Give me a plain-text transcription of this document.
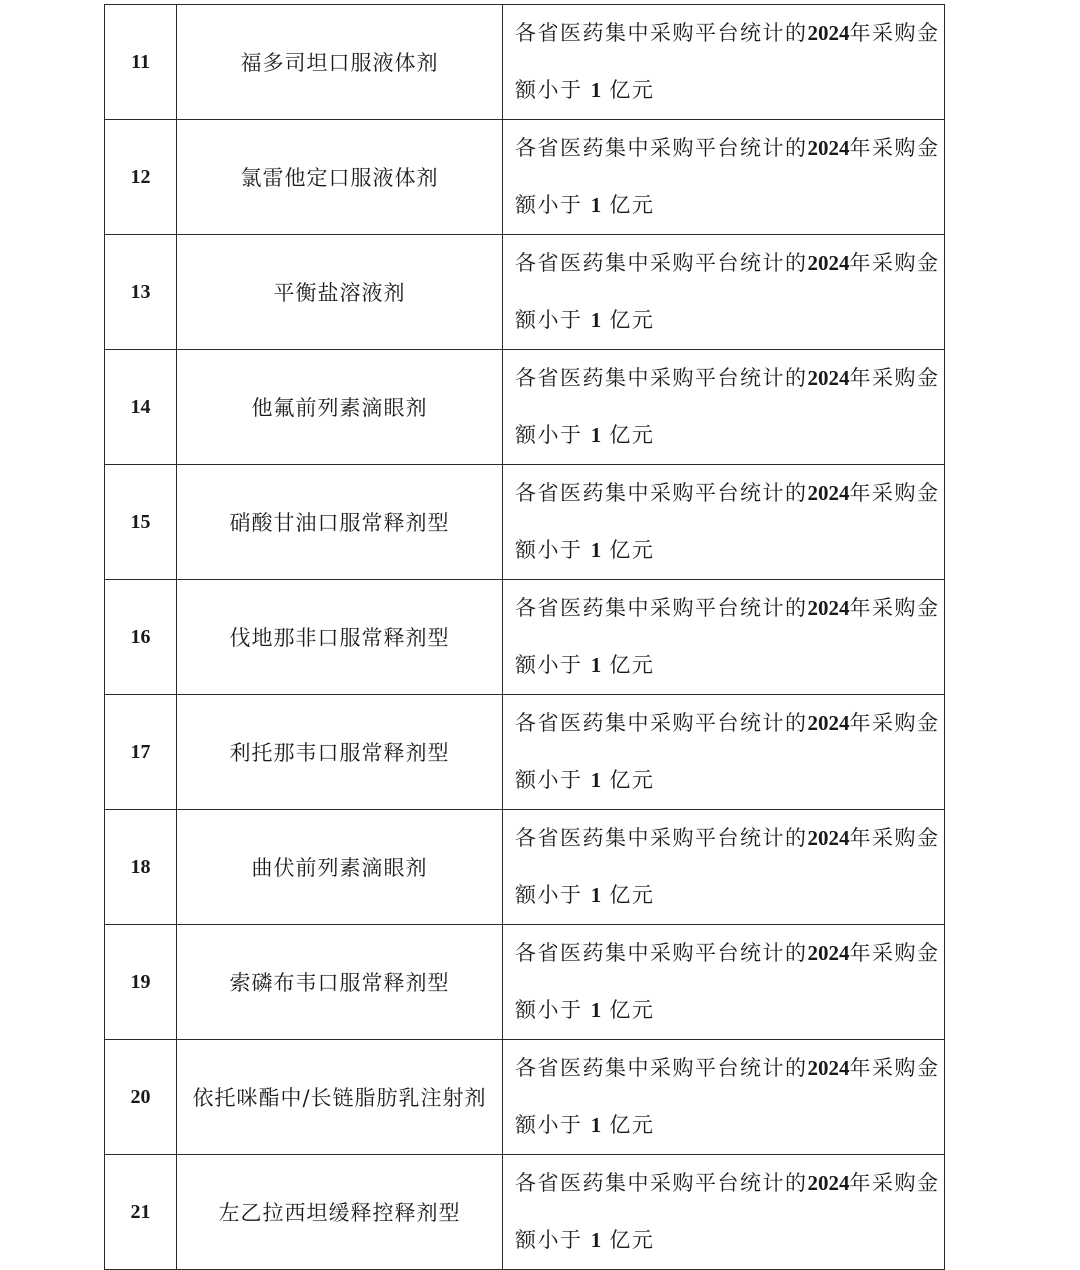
11	福多司坦口服液体剂	各省医药集中采购平台统计的2024年采购金
额小于 1 亿元

12	氯雷他定口服液体剂	各省医药集中采购平台统计的2024年采购金
额小于 1 亿元

13	平衡盐溶液剂	各省医药集中采购平台统计的2024年采购金
额小于 1 亿元

14	他氟前列素滴眼剂	各省医药集中采购平台统计的2024年采购金
额小于 1 亿元

15	硝酸甘油口服常释剂型	各省医药集中采购平台统计的2024年采购金
额小于 1 亿元

16	伐地那非口服常释剂型	各省医药集中采购平台统计的2024年采购金
额小于 1 亿元

17	利托那韦口服常释剂型	各省医药集中采购平台统计的2024年采购金
额小于 1 亿元

18	曲伏前列素滴眼剂	各省医药集中采购平台统计的2024年采购金
额小于 1 亿元

19	索磷布韦口服常释剂型	各省医药集中采购平台统计的2024年采购金
额小于 1 亿元

20	依托咪酯中/长链脂肪乳注射剂	各省医药集中采购平台统计的2024年采购金
额小于 1 亿元

21	左乙拉西坦缓释控释剂型	各省医药集中采购平台统计的2024年采购金
额小于 1 亿元
